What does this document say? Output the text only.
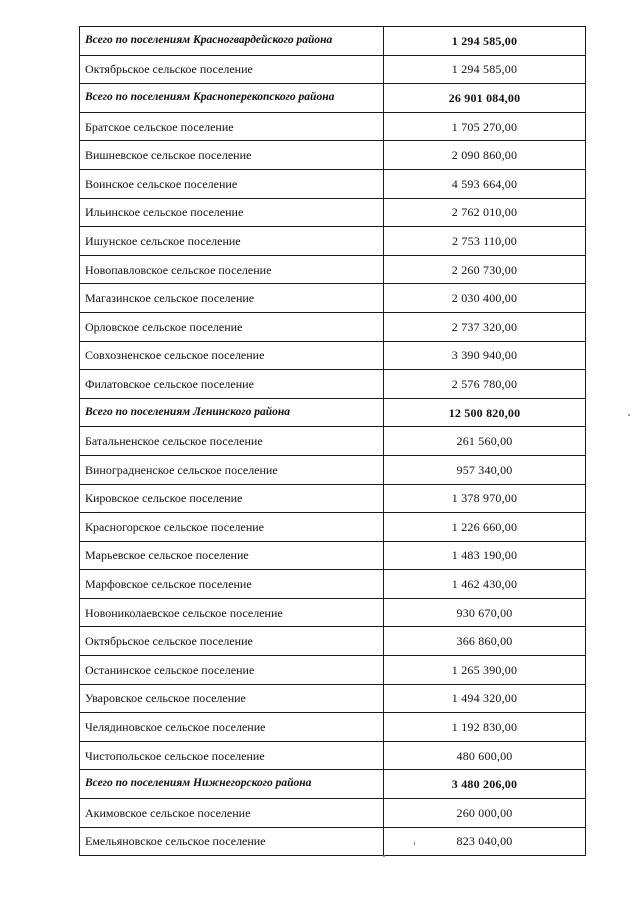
Всего по поселениям Красногвардейского района	1 294 585,00
Октябрьское сельское поселение	1 294 585,00
Всего по поселениям Красноперекопского района	26 901 084,00
Братское сельское поселение	1 705 270,00
Вишневское сельское поселение	2 090 860,00
Воинское сельское поселение	4 593 664,00
Ильинское сельское поселение	2 762 010,00
Ишунское сельское поселение	2 753 110,00
Новопавловское сельское поселение	2 260 730,00
Магазинское сельское поселение	2 030 400,00
Орловское сельское поселение	2 737 320,00
Совхозненское сельское поселение	3 390 940,00
Филатовское сельское поселение	2 576 780,00
Всего по поселениям Ленинского района	12 500 820,00
Батальненское сельское поселение	261 560,00
Виноградненское сельское поселение	957 340,00
Кировское сельское поселение	1 378 970,00
Красногорское сельское поселение	1 226 660,00
Марьевское сельское поселение	1 483 190,00
Марфовское сельское поселение	1 462 430,00
Новониколаевское сельское поселение	930 670,00
Октябрьское сельское поселение	366 860,00
Останинское сельское поселение	1 265 390,00
Уваровское сельское поселение	1 494 320,00
Челядиновское сельское поселение	1 192 830,00
Чистопольское сельское поселение	480 600,00
Всего по поселениям Нижнегорского района	3 480 206,00
Акимовское сельское поселение	260 000,00
Емельяновское сельское поселение	823 040,00
